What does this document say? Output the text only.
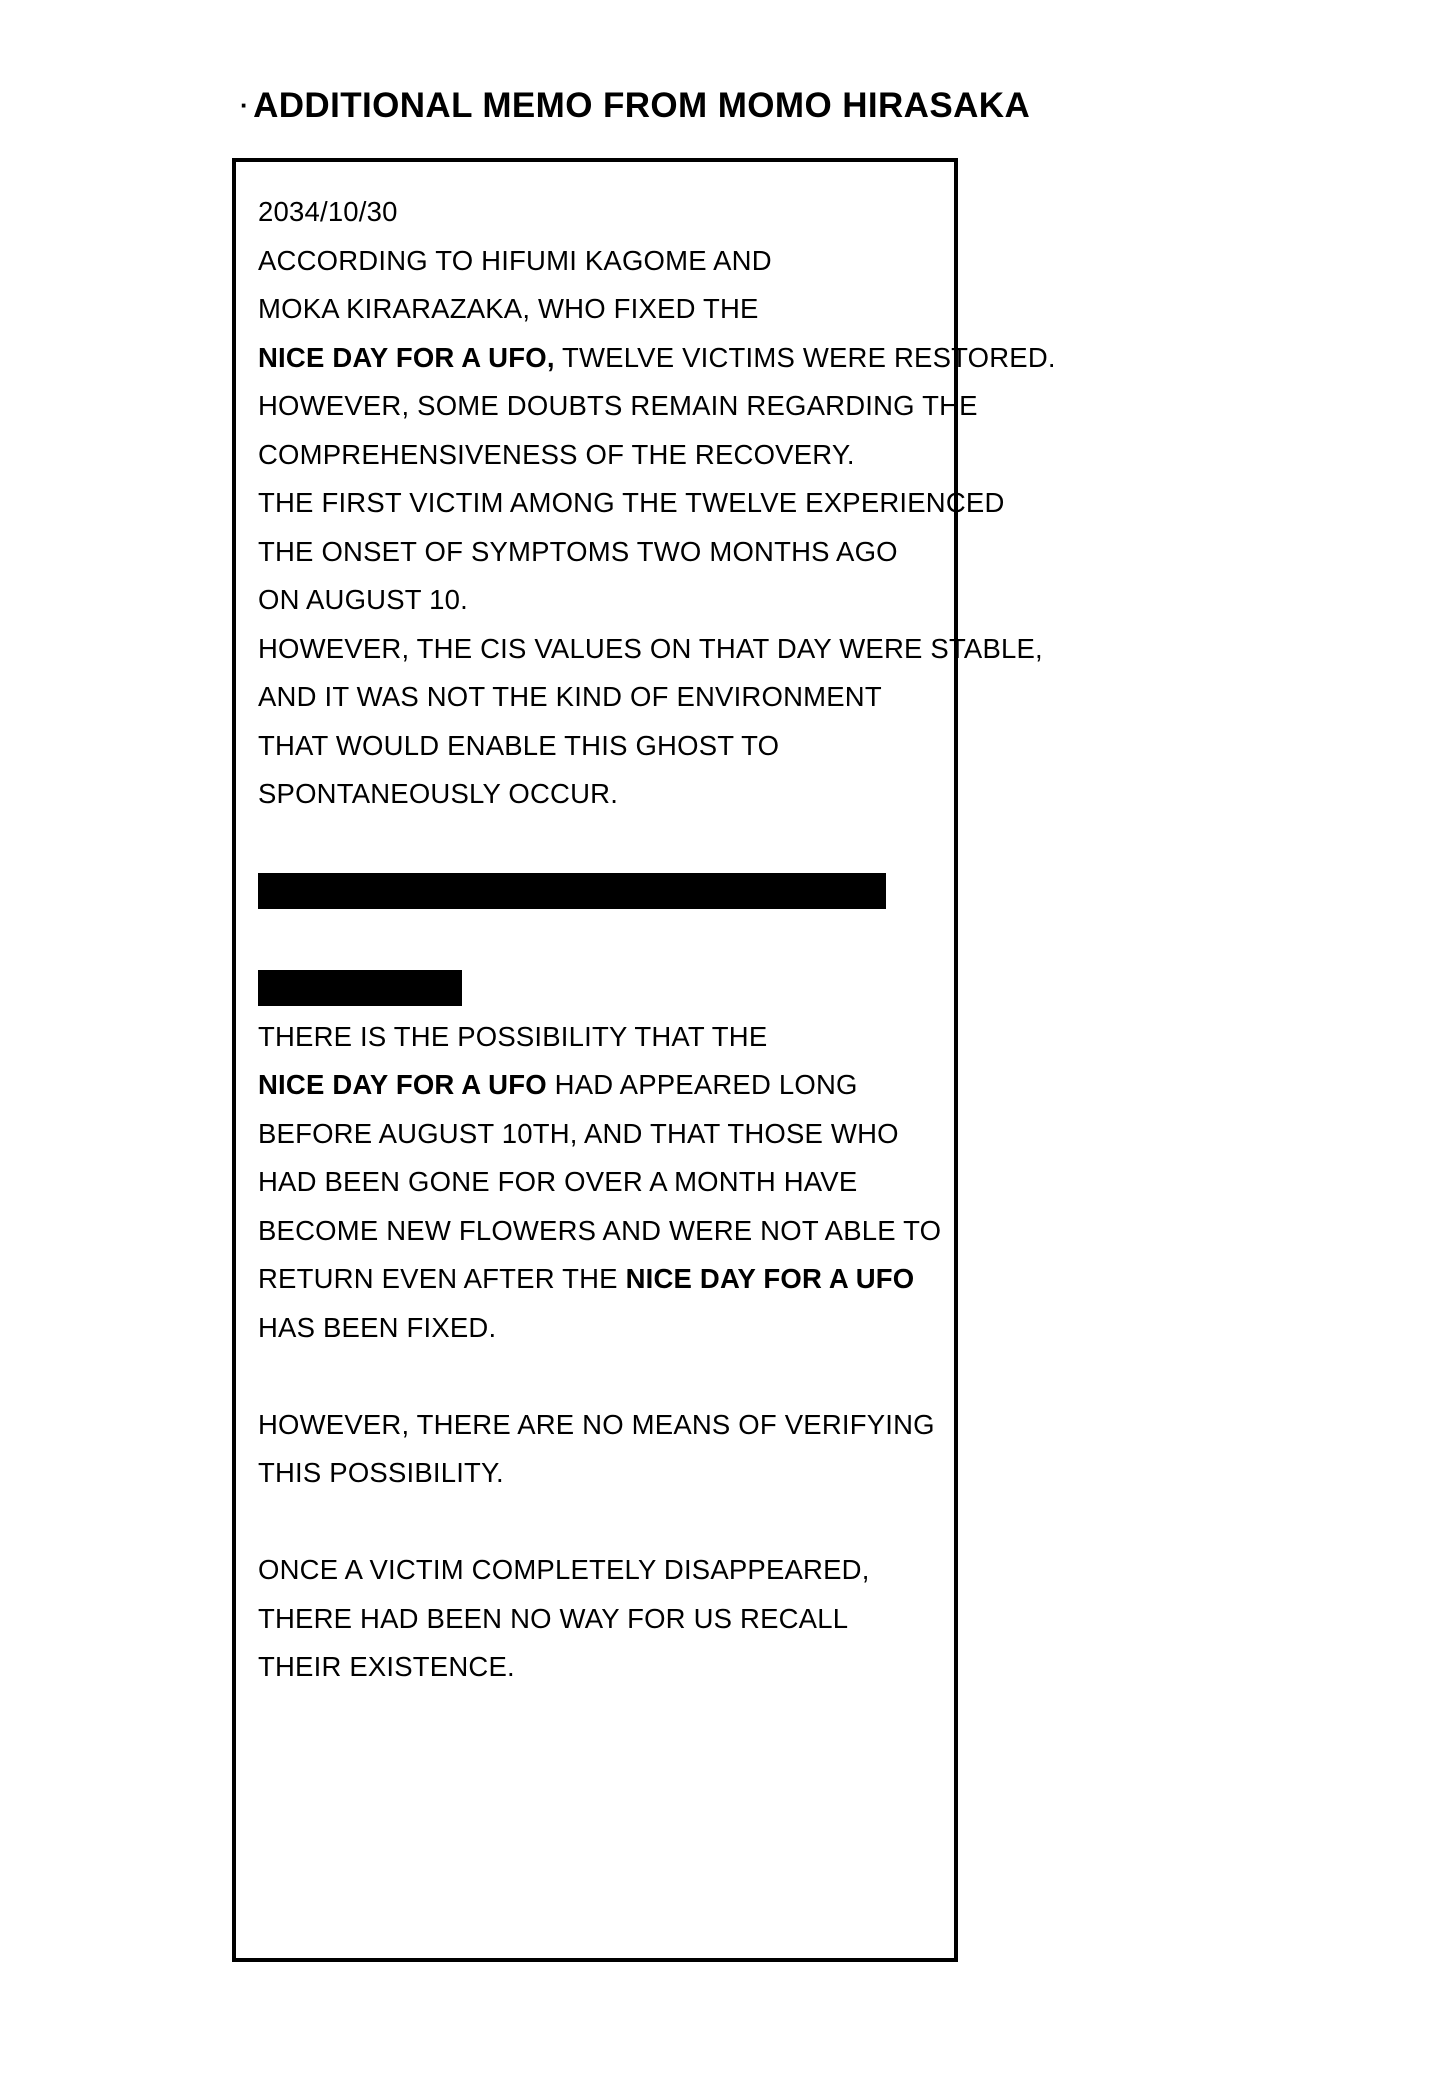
· ADDITIONAL MEMO FROM MOMO HIRASAKA
2034/10/30
ACCORDING TO HIFUMI KAGOME AND
MOKA KIRARAZAKA, WHO FIXED THE
NICE DAY FOR A UFO, TWELVE VICTIMS WERE RESTORED.
HOWEVER, SOME DOUBTS REMAIN REGARDING THE
COMPREHENSIVENESS OF THE RECOVERY.
THE FIRST VICTIM AMONG THE TWELVE EXPERIENCED
THE ONSET OF SYMPTOMS TWO MONTHS AGO
ON AUGUST 10.
HOWEVER, THE CIS VALUES ON THAT DAY WERE STABLE,
AND IT WAS NOT THE KIND OF ENVIRONMENT
THAT WOULD ENABLE THIS GHOST TO
SPONTANEOUSLY OCCUR.
THERE IS THE POSSIBILITY THAT THE
NICE DAY FOR A UFO HAD APPEARED LONG
BEFORE AUGUST 10TH, AND THAT THOSE WHO
HAD BEEN GONE FOR OVER A MONTH HAVE
BECOME NEW FLOWERS AND WERE NOT ABLE TO
RETURN EVEN AFTER THE NICE DAY FOR A UFO
HAS BEEN FIXED.
HOWEVER, THERE ARE NO MEANS OF VERIFYING
THIS POSSIBILITY.
ONCE A VICTIM COMPLETELY DISAPPEARED,
THERE HAD BEEN NO WAY FOR US RECALL
THEIR EXISTENCE.
